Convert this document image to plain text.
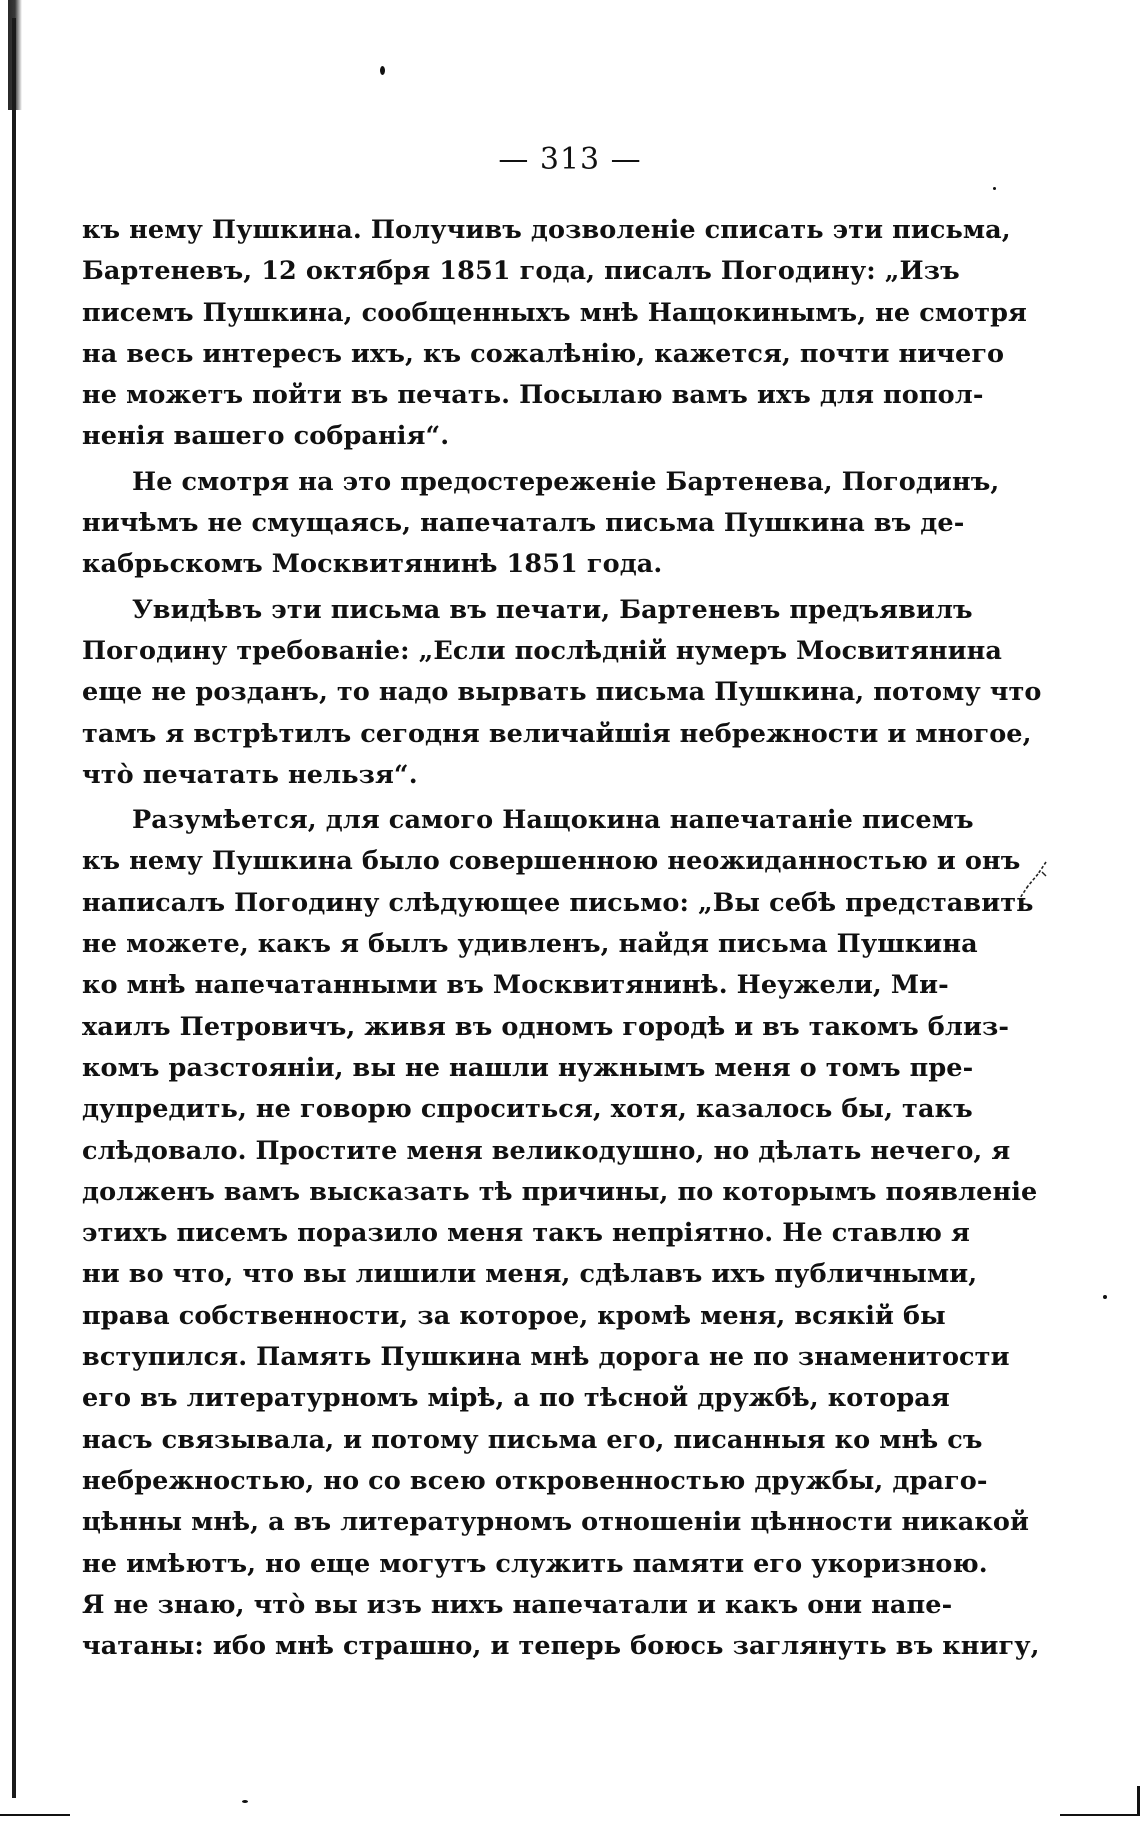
— 313 —
къ нему Пушкина. Получивъ дозволеніе списать эти письма,
Бартеневъ, 12 октября 1851 года, писалъ Погодину: „Изъ
писемъ Пушкина, сообщенныхъ мнѣ Нащокинымъ, не смотря
на весь интересъ ихъ, къ сожалѣнію, кажется, почти ничего
не можетъ пойти въ печать. Посылаю вамъ ихъ для попол-
ненія вашего собранія“.
Не смотря на это предостереженіе Бартенева, Погодинъ,
ничѣмъ не смущаясь, напечаталъ письма Пушкина въ де-
кабрьскомъ Москвитянинѣ 1851 года.
Увидѣвъ эти письма въ печати, Бартеневъ предъявилъ
Погодину требованіе: „Если послѣдній нумеръ Мосвитянина
еще не розданъ, то надо вырвать письма Пушкина, потому что
тамъ я встрѣтилъ сегодня величайшія небрежности и многое,
что̀ печатать нельзя“.
Разумѣется, для самого Нащокина напечатаніе писемъ
къ нему Пушкина было совершенною неожиданностью и онъ
написалъ Погодину слѣдующее письмо: „Вы себѣ представить
не можете, какъ я былъ удивленъ, найдя письма Пушкина
ко мнѣ напечатанными въ Москвитянинѣ. Неужели, Ми-
хаилъ Петровичъ, живя въ одномъ городѣ и въ такомъ близ-
комъ разстояніи, вы не нашли нужнымъ меня о томъ пре-
дупредить, не говорю спроситься, хотя, казалось бы, такъ
слѣдовало. Простите меня великодушно, но дѣлать нечего, я
долженъ вамъ высказать тѣ причины, по которымъ появленіе
этихъ писемъ поразило меня такъ непріятно. Не ставлю я
ни во что, что вы лишили меня, сдѣлавъ ихъ публичными,
права собственности, за которое, кромѣ меня, всякій бы
вступился. Память Пушкина мнѣ дорога не по знаменитости
его въ литературномъ мірѣ, а по тѣсной дружбѣ, которая
насъ связывала, и потому письма его, писанныя ко мнѣ съ
небрежностью, но со всею откровенностью дружбы, драго-
цѣнны мнѣ, а въ литературномъ отношеніи цѣнности никакой
не имѣютъ, но еще могутъ служить памяти его укоризною.
Я не знаю, что̀ вы изъ нихъ напечатали и какъ они напе-
чатаны: ибо мнѣ страшно, и теперь боюсь заглянуть въ книгу,
